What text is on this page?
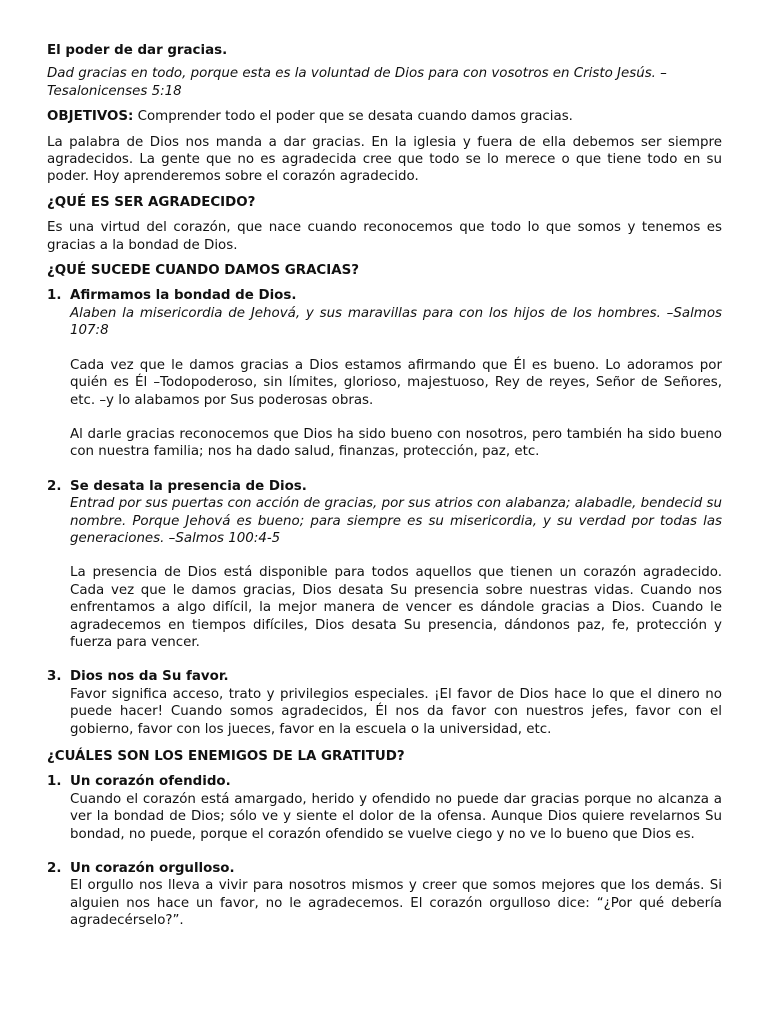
El poder de dar gracias.
Dad gracias en todo, porque esta es la voluntad de Dios para con vosotros en Cristo Jesús. –Tesalonicenses 5:18
OBJETIVOS: Comprender todo el poder que se desata cuando damos gracias.
La palabra de Dios nos manda a dar gracias. En la iglesia y fuera de ella debemos ser siempre agradecidos. La gente que no es agradecida cree que todo se lo merece o que tiene todo en su poder. Hoy aprenderemos sobre el corazón agradecido.
¿QUÉ ES SER AGRADECIDO?
Es una virtud del corazón, que nace cuando reconocemos que todo lo que somos y tenemos es gracias a la bondad de Dios.
¿QUÉ SUCEDE CUANDO DAMOS GRACIAS?
1. Afirmamos la bondad de Dios.
Alaben la misericordia de Jehová, y sus maravillas para con los hijos de los hombres. –Salmos 107:8
Cada vez que le damos gracias a Dios estamos afirmando que Él es bueno. Lo adoramos por quién es Él –Todopoderoso, sin límites, glorioso, majestuoso, Rey de reyes, Señor de Señores, etc. –y lo alabamos por Sus poderosas obras.
Al darle gracias reconocemos que Dios ha sido bueno con nosotros, pero también ha sido bueno con nuestra familia; nos ha dado salud, finanzas, protección, paz, etc.
2. Se desata la presencia de Dios.
Entrad por sus puertas con acción de gracias, por sus atrios con alabanza; alabadle, bendecid su nombre. Porque Jehová es bueno; para siempre es su misericordia, y su verdad por todas las generaciones. –Salmos 100:4-5
La presencia de Dios está disponible para todos aquellos que tienen un corazón agradecido. Cada vez que le damos gracias, Dios desata Su presencia sobre nuestras vidas. Cuando nos enfrentamos a algo difícil, la mejor manera de vencer es dándole gracias a Dios. Cuando le agradecemos en tiempos difíciles, Dios desata Su presencia, dándonos paz, fe, protección y fuerza para vencer.
3. Dios nos da Su favor.
Favor significa acceso, trato y privilegios especiales. ¡El favor de Dios hace lo que el dinero no puede hacer! Cuando somos agradecidos, Él nos da favor con nuestros jefes, favor con el gobierno, favor con los jueces, favor en la escuela o la universidad, etc.
¿CUÁLES SON LOS ENEMIGOS DE LA GRATITUD?
1. Un corazón ofendido.
Cuando el corazón está amargado, herido y ofendido no puede dar gracias porque no alcanza a ver la bondad de Dios; sólo ve y siente el dolor de la ofensa. Aunque Dios quiere revelarnos Su bondad, no puede, porque el corazón ofendido se vuelve ciego y no ve lo bueno que Dios es.
2. Un corazón orgulloso.
El orgullo nos lleva a vivir para nosotros mismos y creer que somos mejores que los demás. Si alguien nos hace un favor, no le agradecemos. El corazón orgulloso dice: “¿Por qué debería agradecérselo?”.
